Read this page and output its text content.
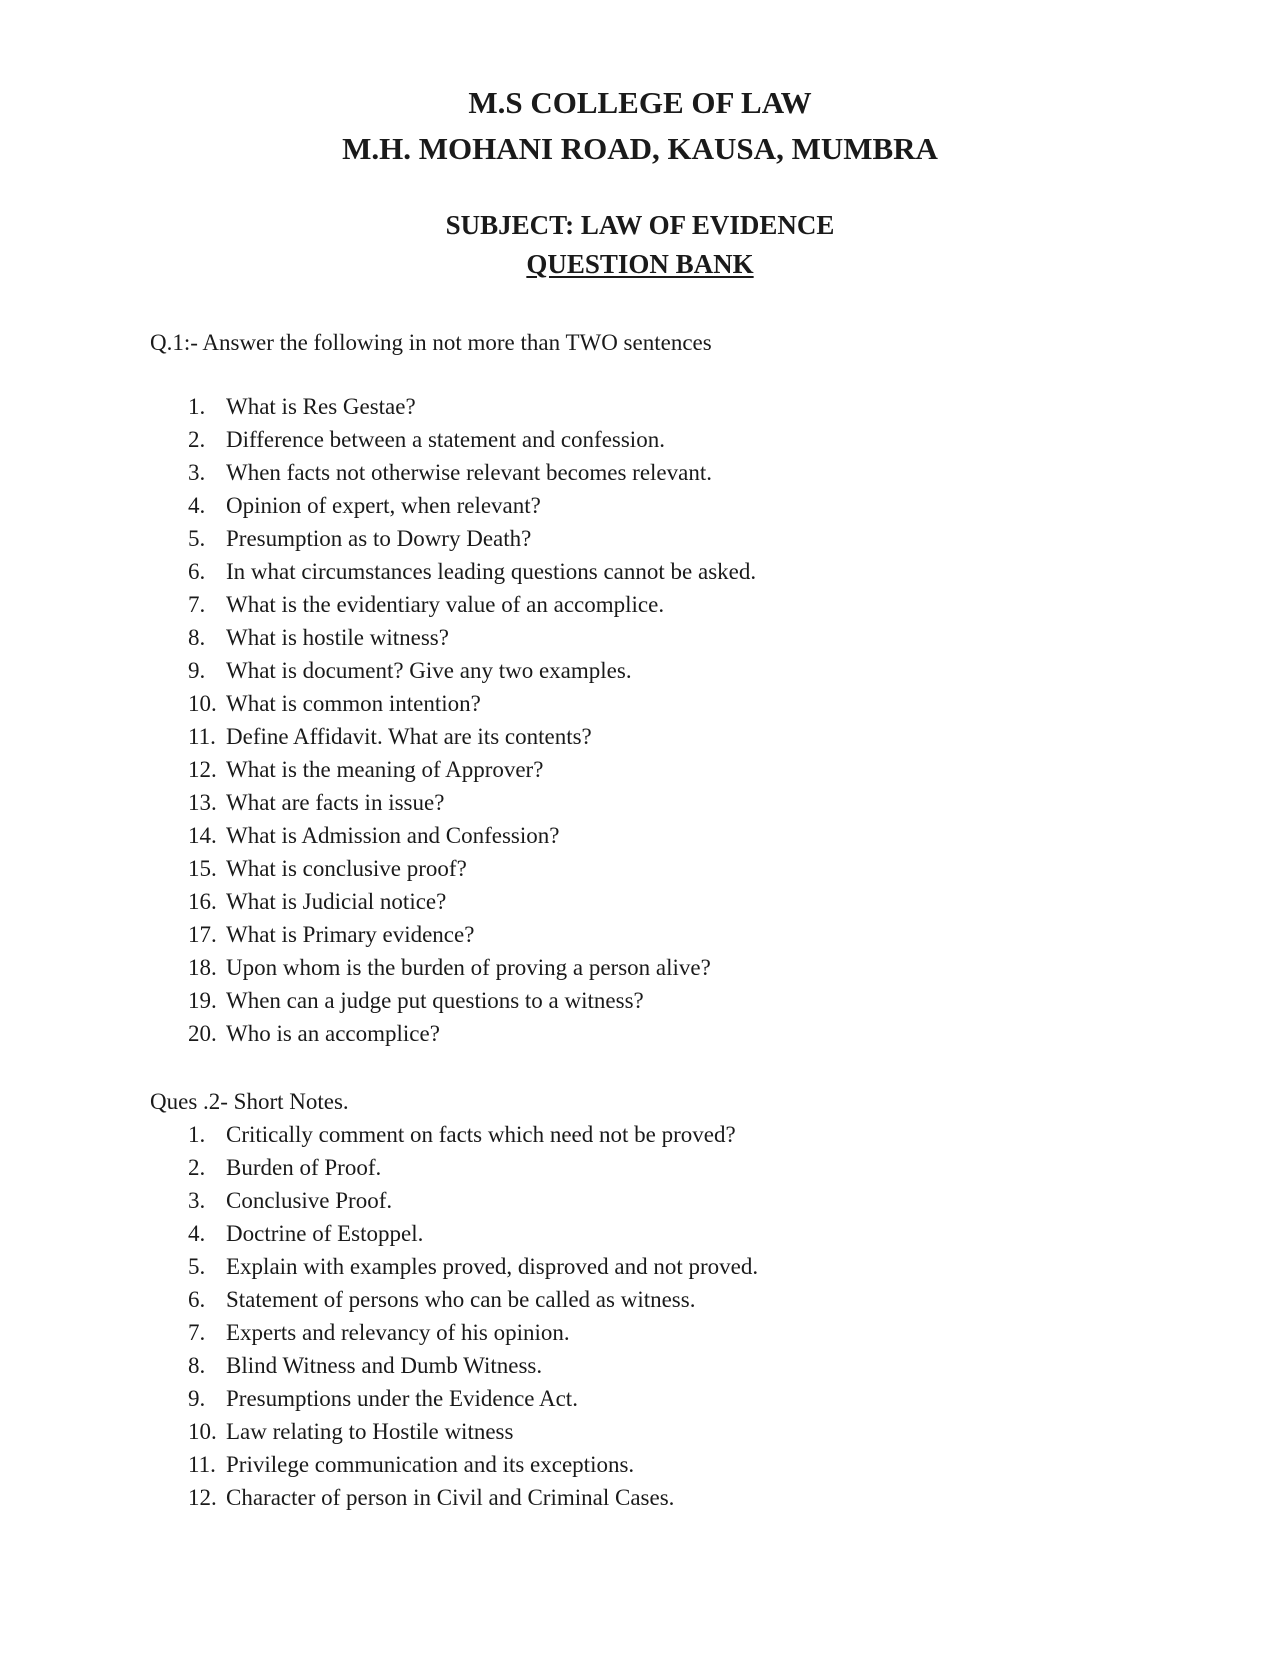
M.S COLLEGE OF LAW

M.H. MOHANI ROAD, KAUSA, MUMBRA

SUBJECT: LAW OF EVIDENCE

QUESTION BANK

Q.1:- Answer the following in not more than TWO sentences

1. What is Res Gestae?
2. Difference between a statement and confession.
3. When facts not otherwise relevant becomes relevant.
4. Opinion of expert, when relevant?
5. Presumption as to Dowry Death?
6. In what circumstances leading questions cannot be asked.
7. What is the evidentiary value of an accomplice.
8. What is hostile witness?
9. What is document? Give any two examples.
10. What is common intention?
11. Define Affidavit. What are its contents?
12. What is the meaning of Approver?
13. What are facts in issue?
14. What is Admission and Confession?
15. What is conclusive proof?
16. What is Judicial notice?
17. What is Primary evidence?
18. Upon whom is the burden of proving a person alive?
19. When can a judge put questions to a witness?
20. Who is an accomplice?

Ques .2- Short Notes.

1. Critically comment on facts which need not be proved?
2. Burden of Proof.
3. Conclusive Proof.
4. Doctrine of Estoppel.
5. Explain with examples proved, disproved and not proved.
6. Statement of persons who can be called as witness.
7. Experts and relevancy of his opinion.
8. Blind Witness and Dumb Witness.
9. Presumptions under the Evidence Act.
10. Law relating to Hostile witness
11. Privilege communication and its exceptions.
12. Character of person in Civil and Criminal Cases.
